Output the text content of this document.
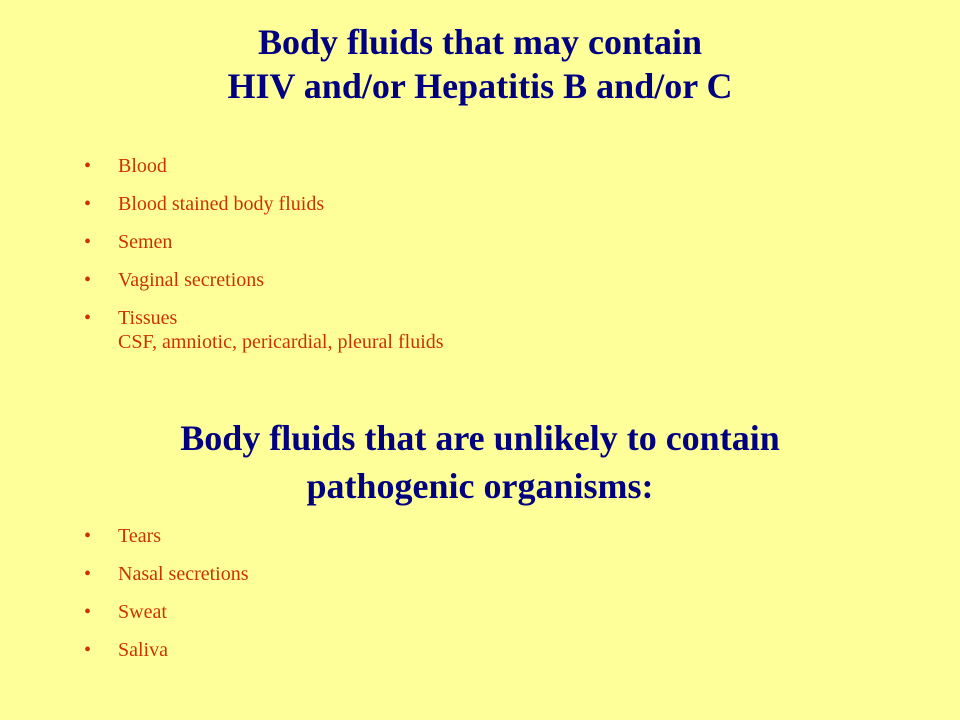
Body fluids that may contain
HIV and/or Hepatitis B and/or C
• Blood
• Blood stained body fluids
• Semen
• Vaginal secretions
• Tissues
CSF, amniotic, pericardial, pleural fluids
Body fluids that are unlikely to contain
pathogenic organisms:
• Tears
• Nasal secretions
• Sweat
• Saliva
